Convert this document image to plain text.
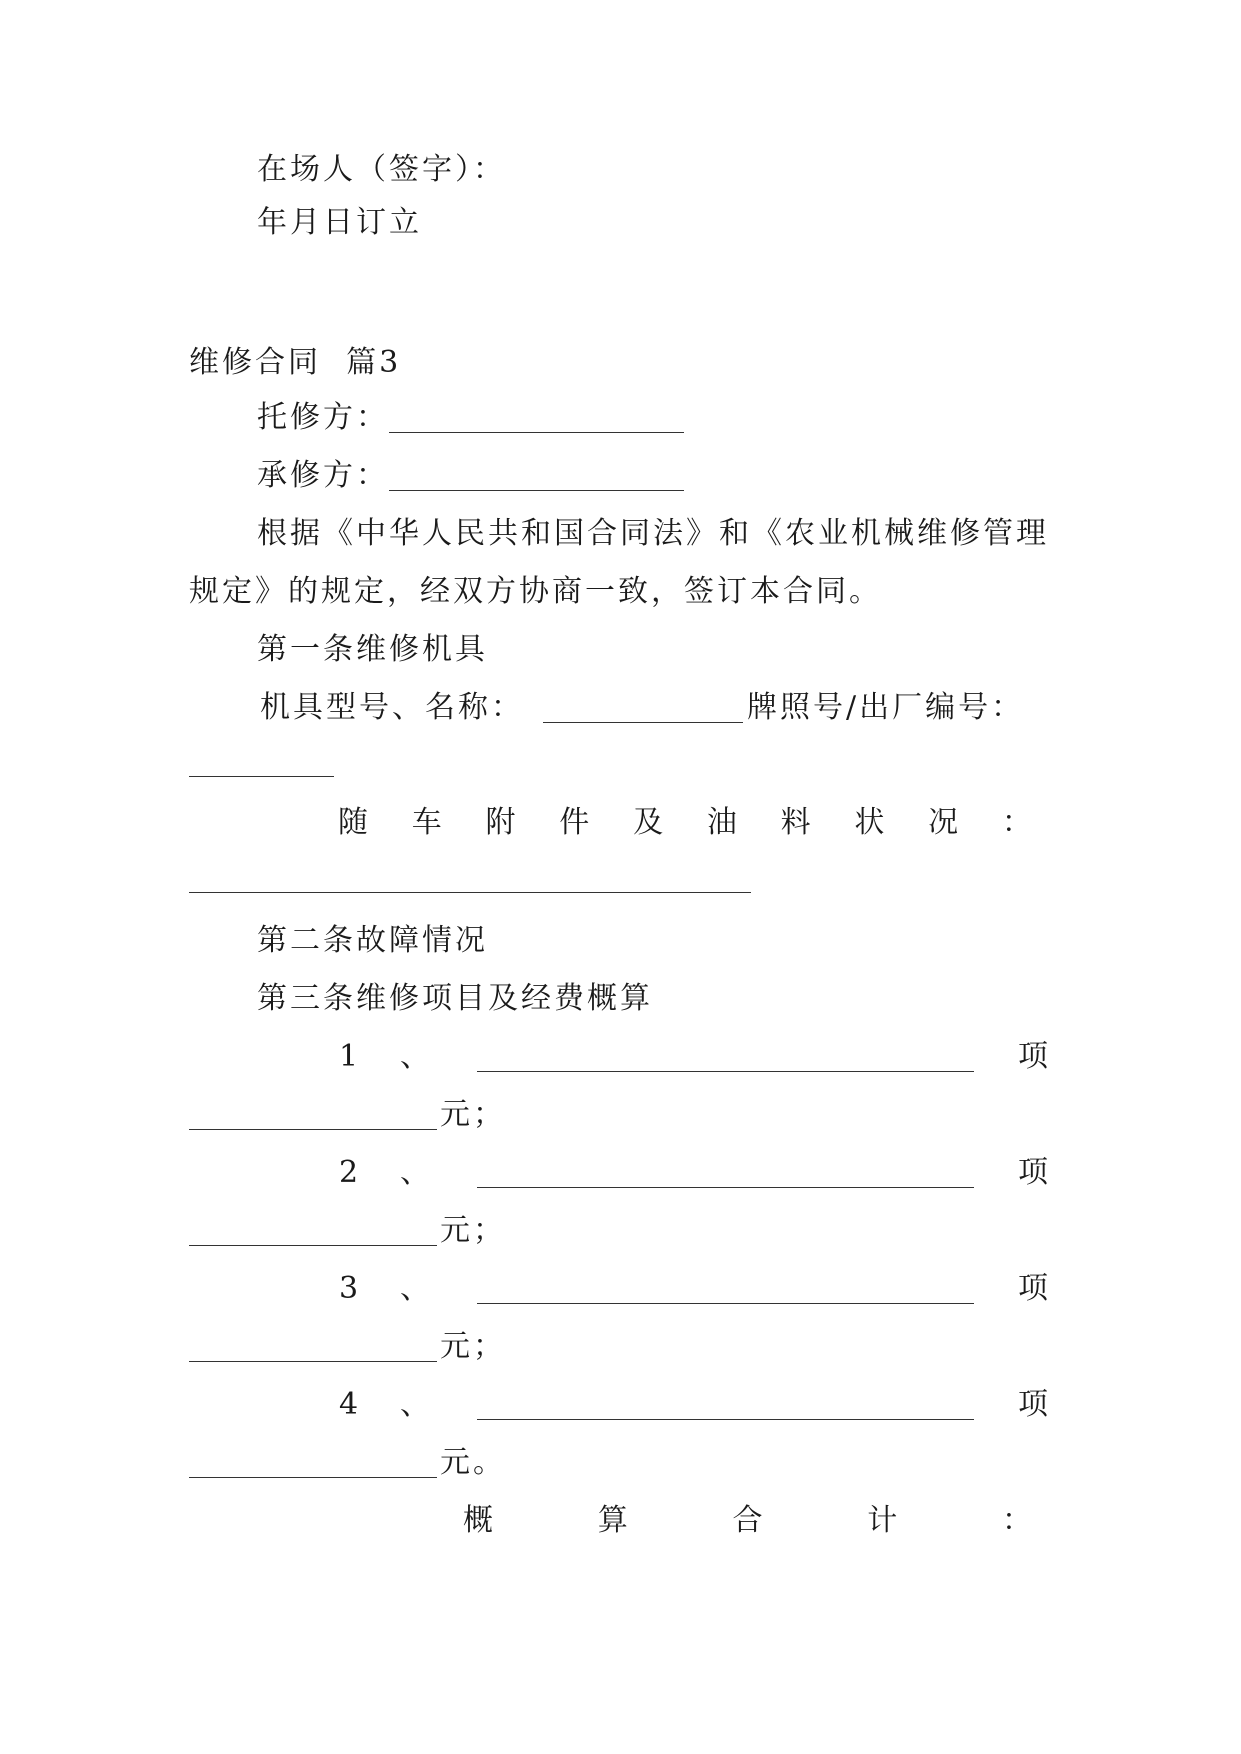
在场人（签字）：
年月日订立
维修合同  篇3
托修方：
承修方：
根据《中华人民共和国合同法》和《农业机械维修管理
规定》的规定，经双方协商一致，签订本合同。
第一条维修机具
机具型号、名称：	牌照号/出厂编号：
随 车 附 件 及 油 料 状 况 ：
第二条故障情况
第三条维修项目及经费概算
1 、	项
元；
2 、	项
元；
3 、	项
元；
4 、	项
元。
概	算	合	计	：
